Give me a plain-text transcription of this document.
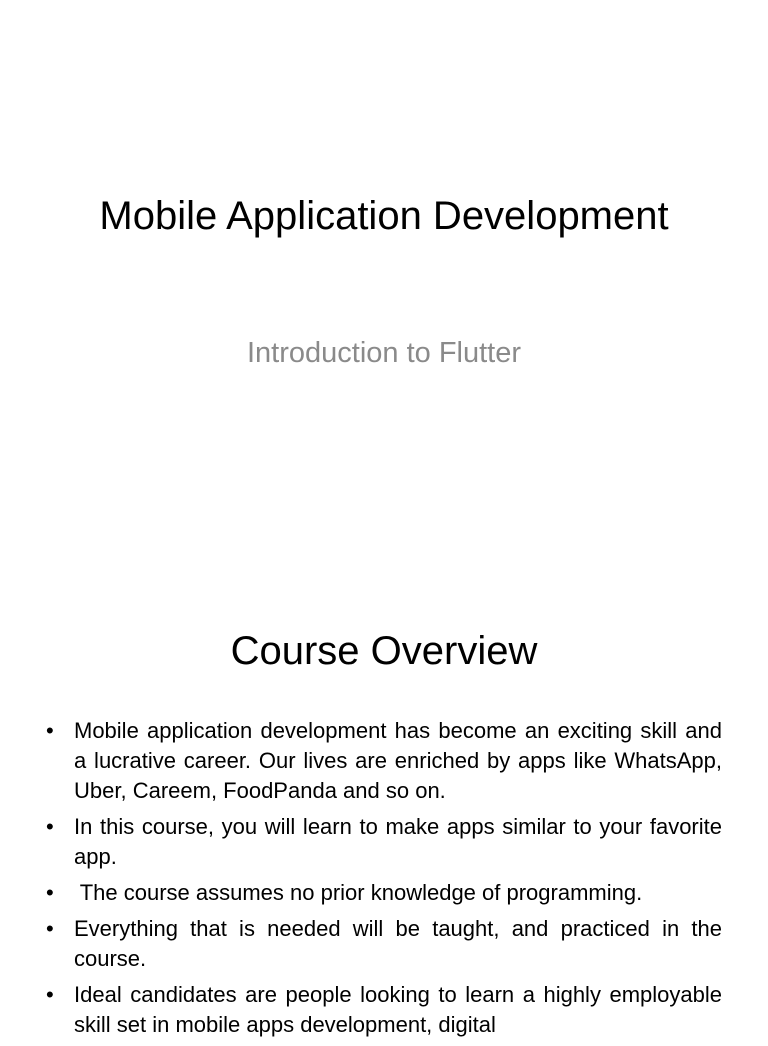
Mobile Application Development

Introduction to Flutter

Course Overview
• Mobile application development has become an exciting skill and a lucrative career. Our lives are enriched by apps like WhatsApp, Uber, Careem, FoodPanda and so on.
• In this course, you will learn to make apps similar to your favorite app.
• The course assumes no prior knowledge of programming.
• Everything that is needed will be taught, and practiced in the course.
• Ideal candidates are people looking to learn a highly employable skill set in mobile apps development, digital
